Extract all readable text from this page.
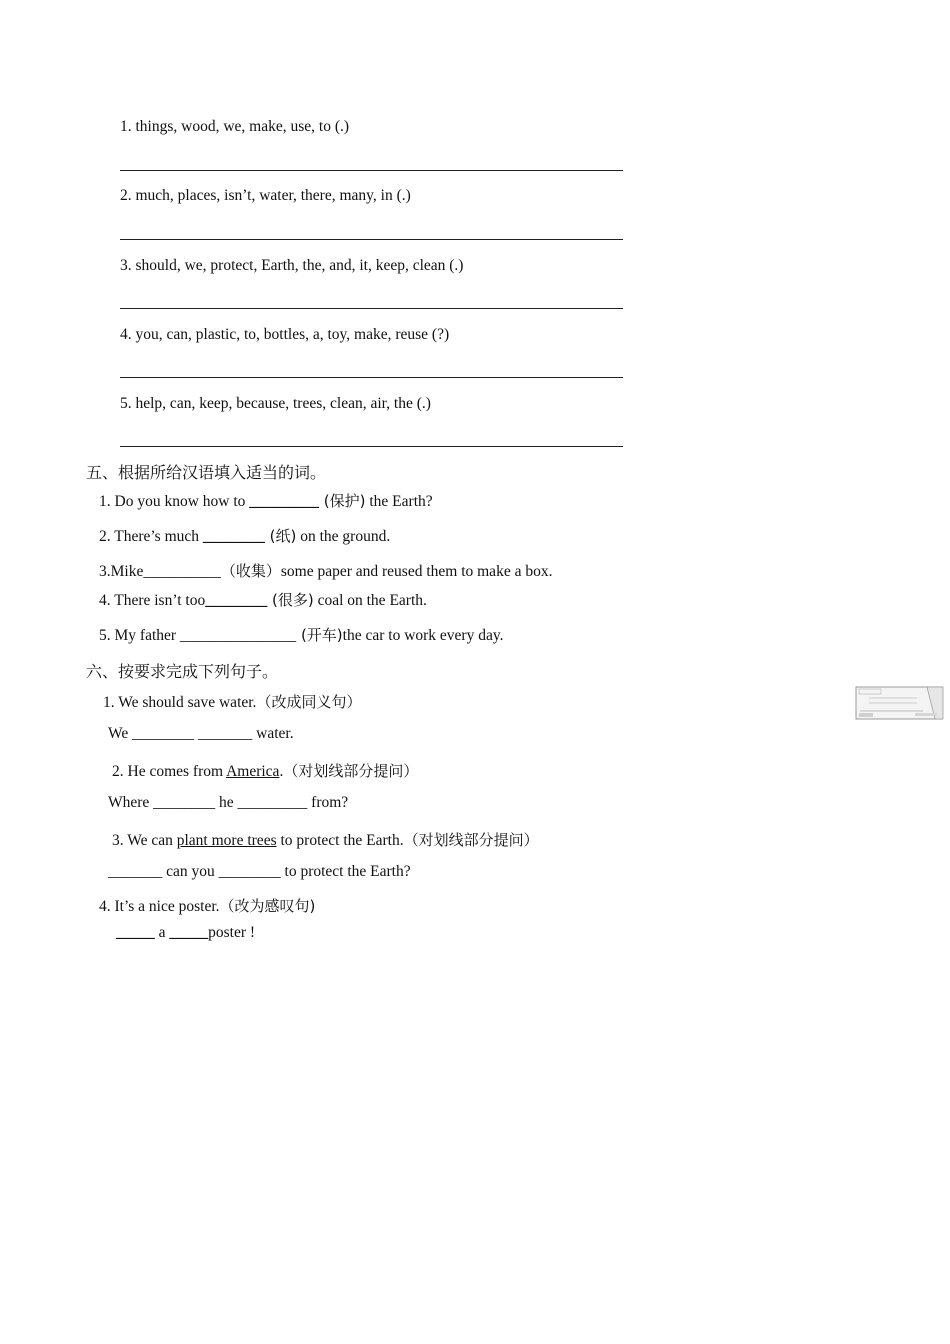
1. things, wood, we, make, use, to (.)
2. much, places, isn’t, water, there, many, in (.)
3. should, we, protect, Earth, the, and, it, keep, clean (.)
4. you, can, plastic, to, bottles, a, toy, make, reuse (?)
5. help, can, keep, because, trees, clean, air, the (.)
五、根据所给汉语填入适当的词。
1. Do you know how to _________ (保护) the Earth?
2. There’s much ________ (纸) on the ground.
3.Mike__________（收集）some paper and reused them to make a box.
4. There isn’t too________ (很多) coal on the Earth.
5. My father _______________ (开车)the car to work every day.
六、按要求完成下列句子。
1. We should save water.（改成同义句）
We ________ _______ water.
2. He comes from America.（对划线部分提问）
Where ________ he _________ from?
3. We can plant more trees to protect the Earth.（对划线部分提问）
_______ can you ________ to protect the Earth?
4. It’s a nice poster.（改为感叹句)
_____ a _____poster !
